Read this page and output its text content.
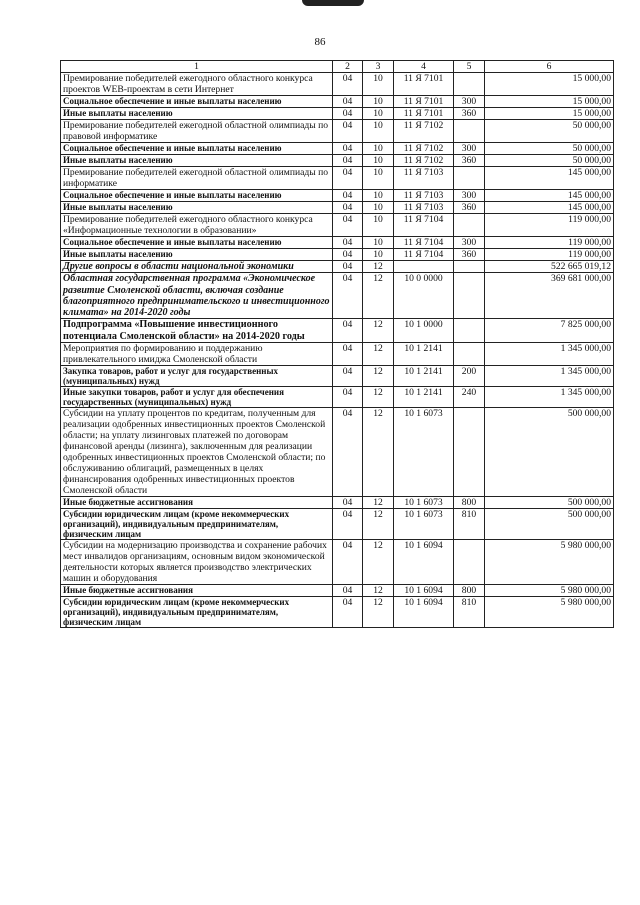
86
1	2	3	4	5	6
Премирование победителей ежегодного областного конкурса проектов WEB-проектам в сети Интернет	04	10	11 Я 7101		15 000,00
Социальное обеспечение и иные выплаты населению	04	10	11 Я 7101	300	15 000,00
Иные выплаты населению	04	10	11 Я 7101	360	15 000,00
Премирование победителей ежегодной областной олимпиады по правовой информатике	04	10	11 Я 7102		50 000,00
Социальное обеспечение и иные выплаты населению	04	10	11 Я 7102	300	50 000,00
Иные выплаты населению	04	10	11 Я 7102	360	50 000,00
Премирование победителей ежегодной областной олимпиады по информатике	04	10	11 Я 7103		145 000,00
Социальное обеспечение и иные выплаты населению	04	10	11 Я 7103	300	145 000,00
Иные выплаты населению	04	10	11 Я 7103	360	145 000,00
Премирование победителей ежегодного областного конкурса «Информационные технологии в образовании»	04	10	11 Я 7104		119 000,00
Социальное обеспечение и иные выплаты населению	04	10	11 Я 7104	300	119 000,00
Иные выплаты населению	04	10	11 Я 7104	360	119 000,00
Другие вопросы в области национальной экономики	04	12			522 665 019,12
Областная государственная программа «Экономическое развитие Смоленской области, включая создание благоприятного предпринимательского и инвестиционного климата» на 2014-2020 годы	04	12	10 0 0000		369 681 000,00
Подпрограмма «Повышение инвестиционного потенциала Смоленской области» на 2014-2020 годы	04	12	10 1 0000		7 825 000,00
Мероприятия по формированию и поддержанию привлекательного имиджа Смоленской области	04	12	10 1 2141		1 345 000,00
Закупка товаров, работ и услуг для государственных (муниципальных) нужд	04	12	10 1 2141	200	1 345 000,00
Иные закупки товаров, работ и услуг для обеспечения государственных (муниципальных) нужд	04	12	10 1 2141	240	1 345 000,00
Субсидии на уплату процентов по кредитам, полученным для реализации одобренных инвестиционных проектов Смоленской области; на уплату лизинговых платежей по договорам финансовой аренды (лизинга), заключенным для реализации одобренных инвестиционных проектов Смоленской области; по обслуживанию облигаций, размещенных в целях финансирования одобренных инвестиционных проектов Смоленской области	04	12	10 1 6073		500 000,00
Иные бюджетные ассигнования	04	12	10 1 6073	800	500 000,00
Субсидии юридическим лицам (кроме некоммерческих организаций), индивидуальным предпринимателям, физическим лицам	04	12	10 1 6073	810	500 000,00
Субсидии на модернизацию производства и сохранение рабочих мест инвалидов организациям, основным видом экономической деятельности которых является производство электрических машин и оборудования	04	12	10 1 6094		5 980 000,00
Иные бюджетные ассигнования	04	12	10 1 6094	800	5 980 000,00
Субсидии юридическим лицам (кроме некоммерческих организаций), индивидуальным предпринимателям, физическим лицам	04	12	10 1 6094	810	5 980 000,00
